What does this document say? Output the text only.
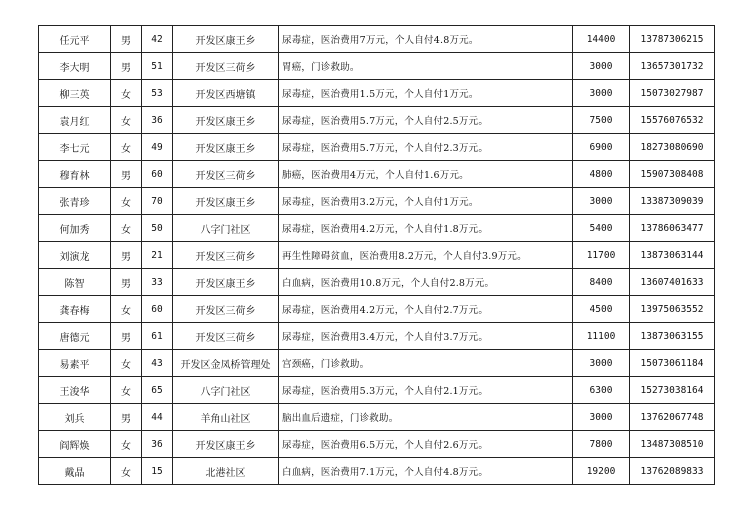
任元平	男	42	开发区康王乡	尿毒症，医治费用7万元，个人自付4.8万元。	14400	13787306215
李大明	男	51	开发区三荷乡	胃癌，门诊救助。	3000	13657301732
柳三英	女	53	开发区西塘镇	尿毒症，医治费用1.5万元，个人自付1万元。	3000	15073027987
袁月红	女	36	开发区康王乡	尿毒症，医治费用5.7万元，个人自付2.5万元。	7500	15576076532
李七元	女	49	开发区康王乡	尿毒症，医治费用5.7万元，个人自付2.3万元。	6900	18273080690
穆育林	男	60	开发区三荷乡	肺癌，医治费用4万元，个人自付1.6万元。	4800	15907308408
张青珍	女	70	开发区康王乡	尿毒症，医治费用3.2万元，个人自付1万元。	3000	13387309039
何加秀	女	50	八字门社区	尿毒症，医治费用4.2万元，个人自付1.8万元。	5400	13786063477
刘演龙	男	21	开发区三荷乡	再生性障碍贫血，医治费用8.2万元，个人自付3.9万元。	11700	13873063144
陈智	男	33	开发区康王乡	白血病，医治费用10.8万元，个人自付2.8万元。	8400	13607401633
龚春梅	女	60	开发区三荷乡	尿毒症，医治费用4.2万元，个人自付2.7万元。	4500	13975063552
唐德元	男	61	开发区三荷乡	尿毒症，医治费用3.4万元，个人自付3.7万元。	11100	13873063155
易素平	女	43	开发区金凤桥管理处	宫颈癌，门诊救助。	3000	15073061184
王浚华	女	65	八字门社区	尿毒症，医治费用5.3万元，个人自付2.1万元。	6300	15273038164
刘兵	男	44	羊角山社区	脑出血后遗症，门诊救助。	3000	13762067748
阎辉焕	女	36	开发区康王乡	尿毒症，医治费用6.5万元，个人自付2.6万元。	7800	13487308510
戴晶	女	15	北港社区	白血病，医治费用7.1万元，个人自付4.8万元。	19200	13762089833
